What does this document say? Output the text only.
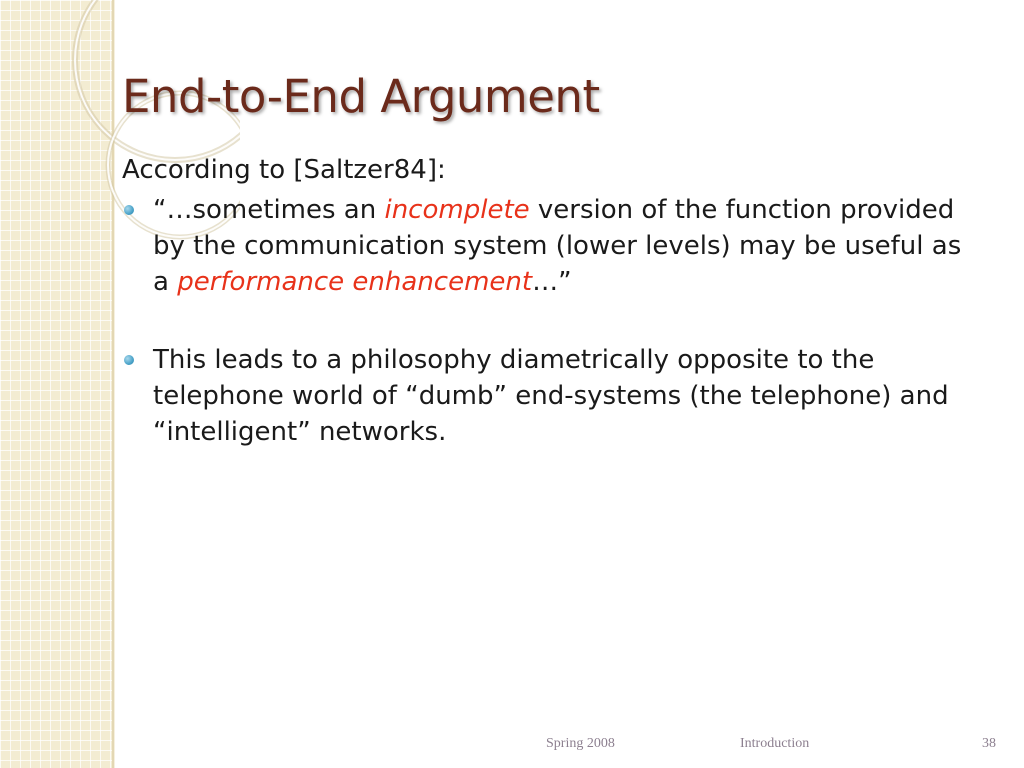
End-to-End Argument

According to [Saltzer84]:

“…sometimes an incomplete version of the function provided by the communication system (lower levels) may be useful as a performance enhancement…”
This leads to a philosophy diametrically opposite to the telephone world of “dumb” end-systems (the telephone) and “intelligent” networks.
Spring 2008	Introduction	38
